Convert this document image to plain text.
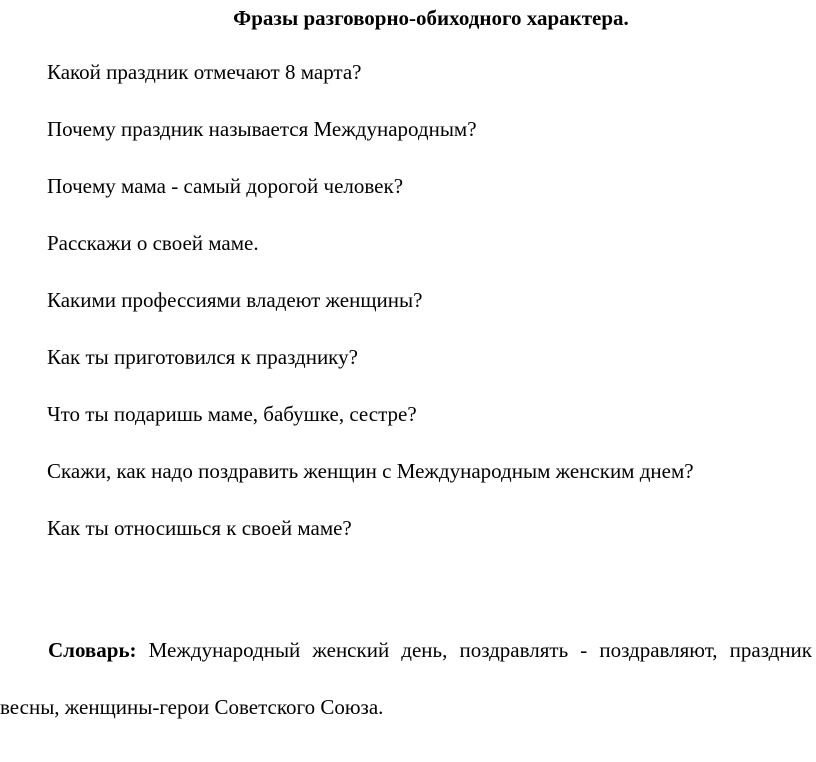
Фразы разговорно-обиходного характера.
Какой праздник отмечают 8 марта?
Почему праздник называется Международным?
Почему мама - самый дорогой человек?
Расскажи о своей маме.
Какими профессиями владеют женщины?
Как ты приготовился к празднику?
Что ты подаришь маме, бабушке, сестре?
Скажи, как надо поздравить женщин с Международным женским днем?
Как ты относишься к своей маме?

Словарь: Международный женский день, поздравлять - поздравляют, праздник весны, женщины-герои Советского Союза.
